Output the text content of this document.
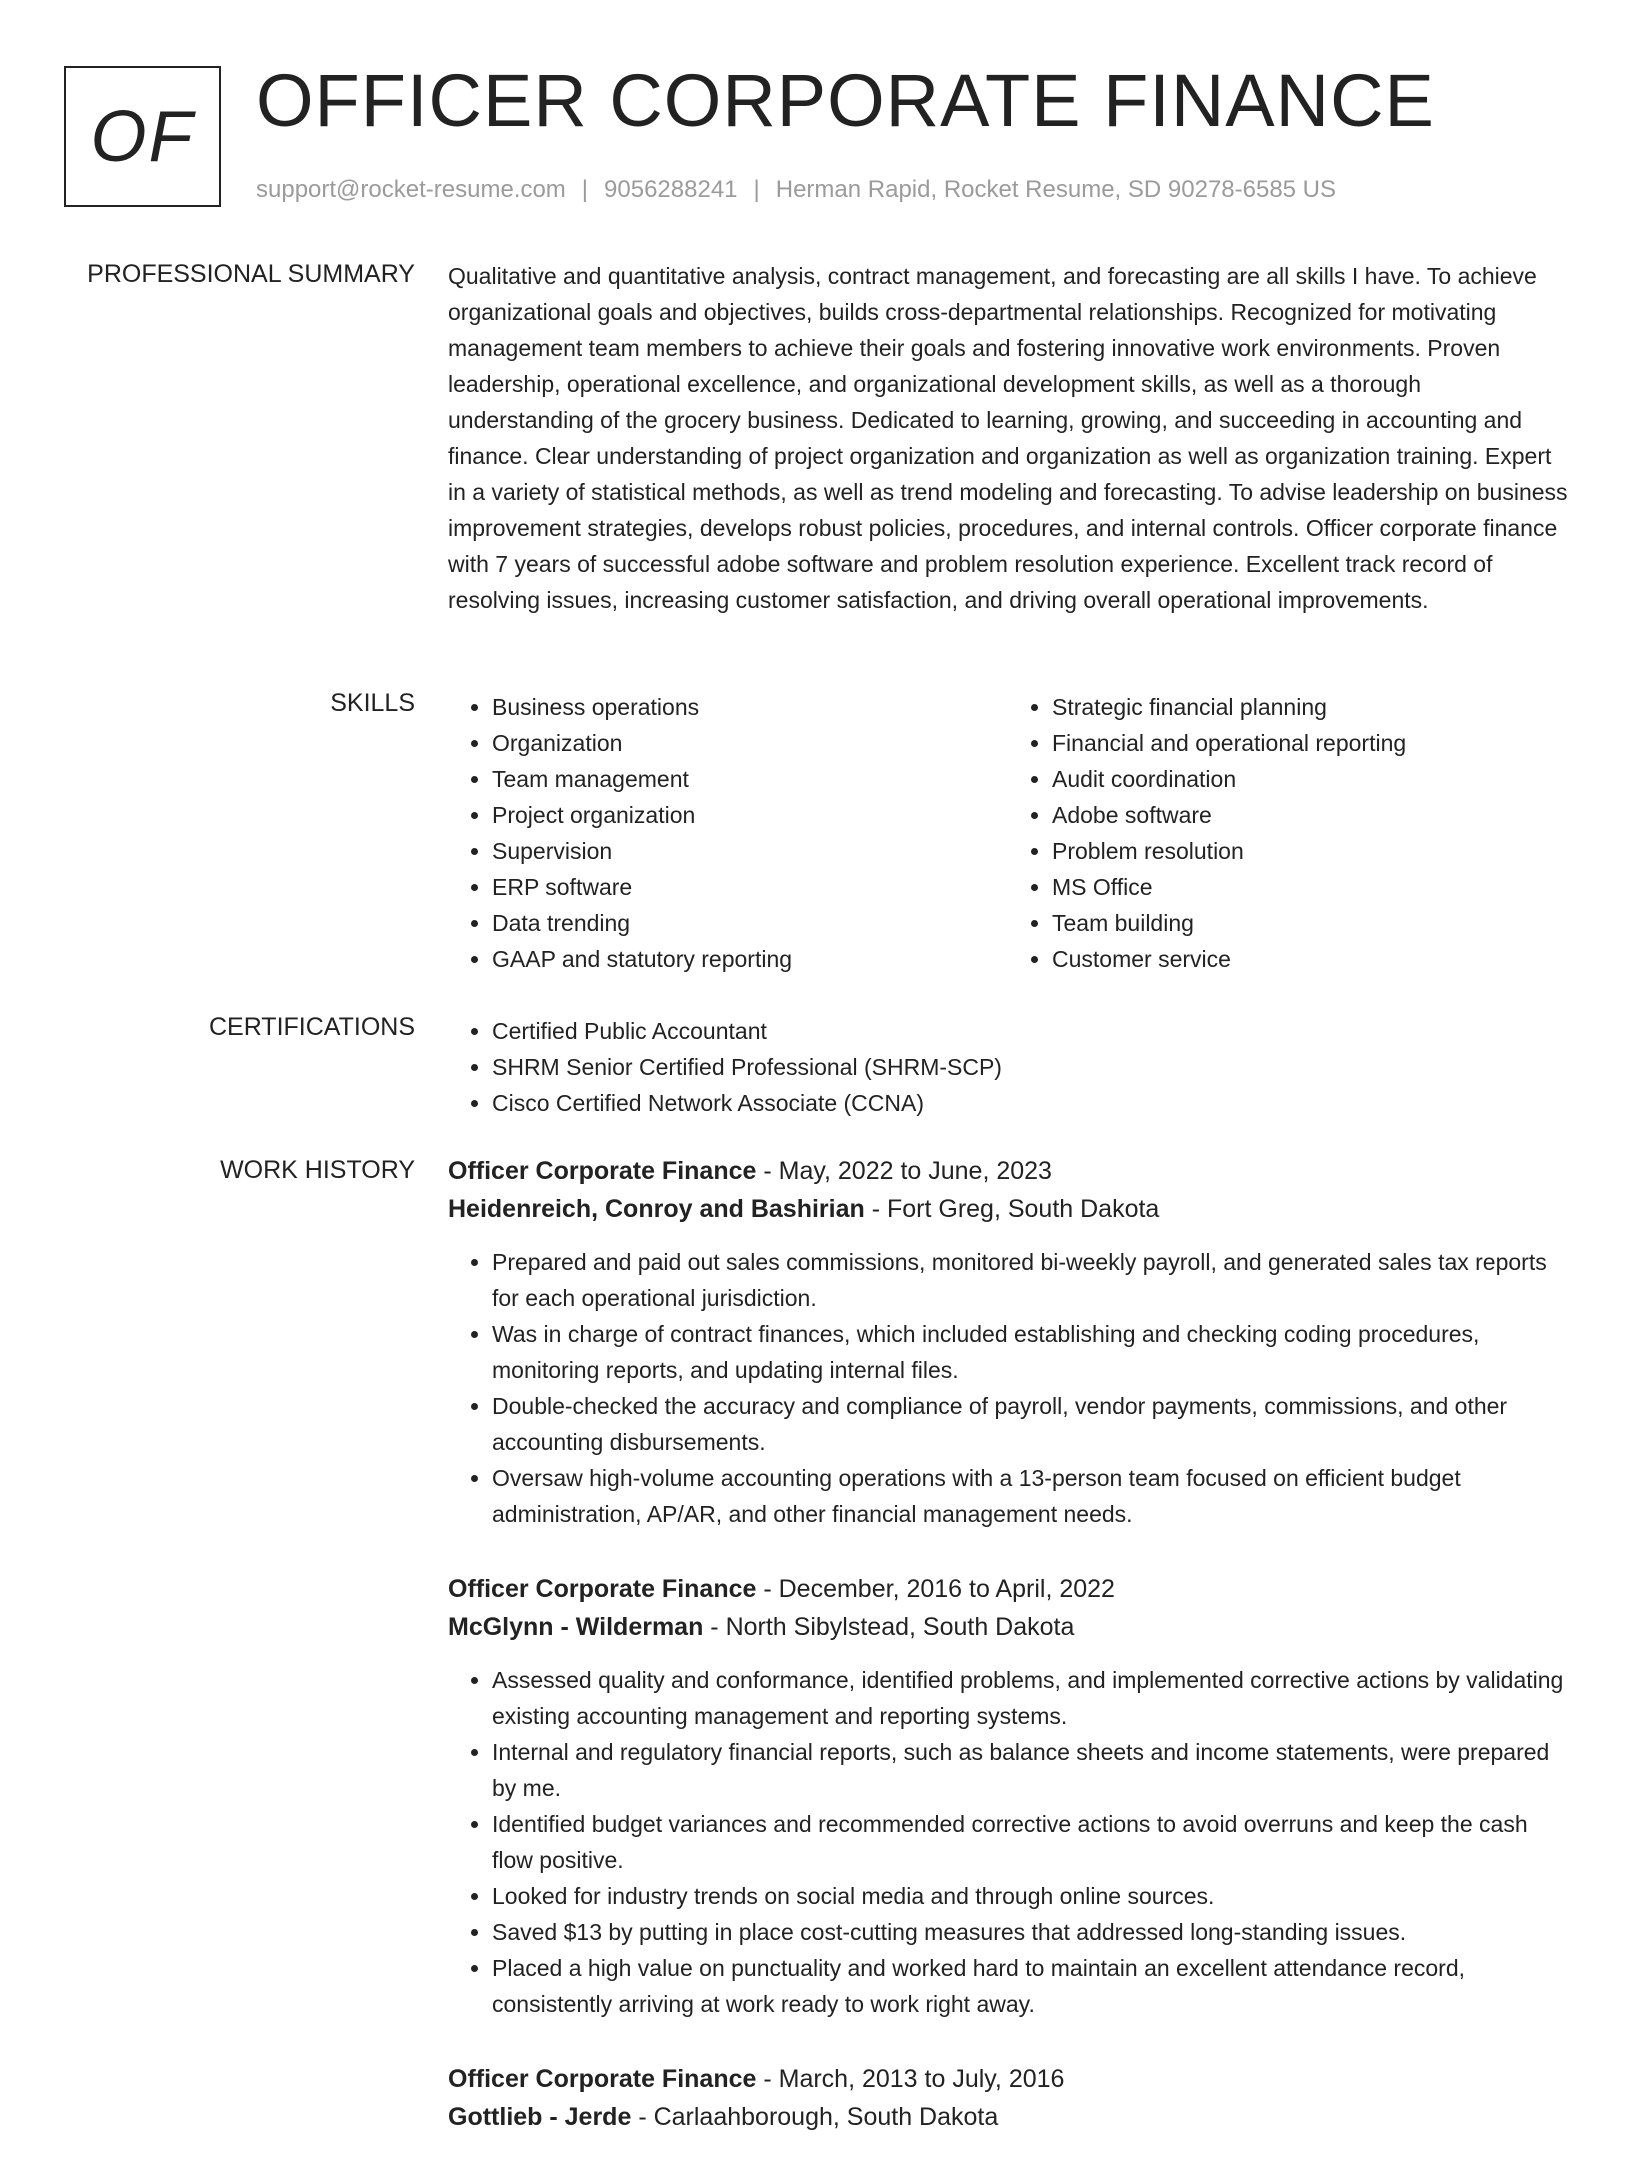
OF OFFICER CORPORATE FINANCE
support@rocket-resume.com | 9056288241 | Herman Rapid, Rocket Resume, SD 90278-6585 US
PROFESSIONAL SUMMARY Qualitative and quantitative analysis, contract management, and forecasting are all skills I have. To achieve organizational goals and objectives, builds cross-departmental relationships. Recognized for motivating management team members to achieve their goals and fostering innovative work environments. Proven leadership, operational excellence, and organizational development skills, as well as a thorough understanding of the grocery business. Dedicated to learning, growing, and succeeding in accounting and finance. Clear understanding of project organization and organization as well as organization training. Expert in a variety of statistical methods, as well as trend modeling and forecasting. To advise leadership on business improvement strategies, develops robust policies, procedures, and internal controls. Officer corporate finance with 7 years of successful adobe software and problem resolution experience. Excellent track record of resolving issues, increasing customer satisfaction, and driving overall operational improvements.
SKILLS	• Business operations
• Organization
• Team management
• Project organization
• Supervision
• ERP software
• Data trending
• GAAP and statutory reporting
• Strategic financial planning
• Financial and operational reporting
• Audit coordination
• Adobe software
• Problem resolution
• MS Office
• Team building
• Customer service
CERTIFICATIONS	• Certified Public Accountant
• SHRM Senior Certified Professional (SHRM-SCP)
• Cisco Certified Network Associate (CCNA)
WORK HISTORY Officer Corporate Finance - May, 2022 to June, 2023
Heidenreich, Conroy and Bashirian - Fort Greg, South Dakota
• Prepared and paid out sales commissions, monitored bi-weekly payroll, and generated sales tax reports for each operational jurisdiction.
• Was in charge of contract finances, which included establishing and checking coding procedures, monitoring reports, and updating internal files.
• Double-checked the accuracy and compliance of payroll, vendor payments, commissions, and other accounting disbursements.
• Oversaw high-volume accounting operations with a 13-person team focused on efficient budget administration, AP/AR, and other financial management needs.
Officer Corporate Finance - December, 2016 to April, 2022
McGlynn - Wilderman - North Sibylstead, South Dakota
• Assessed quality and conformance, identified problems, and implemented corrective actions by validating existing accounting management and reporting systems.
• Internal and regulatory financial reports, such as balance sheets and income statements, were prepared by me.
• Identified budget variances and recommended corrective actions to avoid overruns and keep the cash flow positive.
• Looked for industry trends on social media and through online sources.
• Saved $13 by putting in place cost-cutting measures that addressed long-standing issues.
• Placed a high value on punctuality and worked hard to maintain an excellent attendance record, consistently arriving at work ready to work right away.
Officer Corporate Finance - March, 2013 to July, 2016
Gottlieb - Jerde - Carlaahborough, South Dakota
